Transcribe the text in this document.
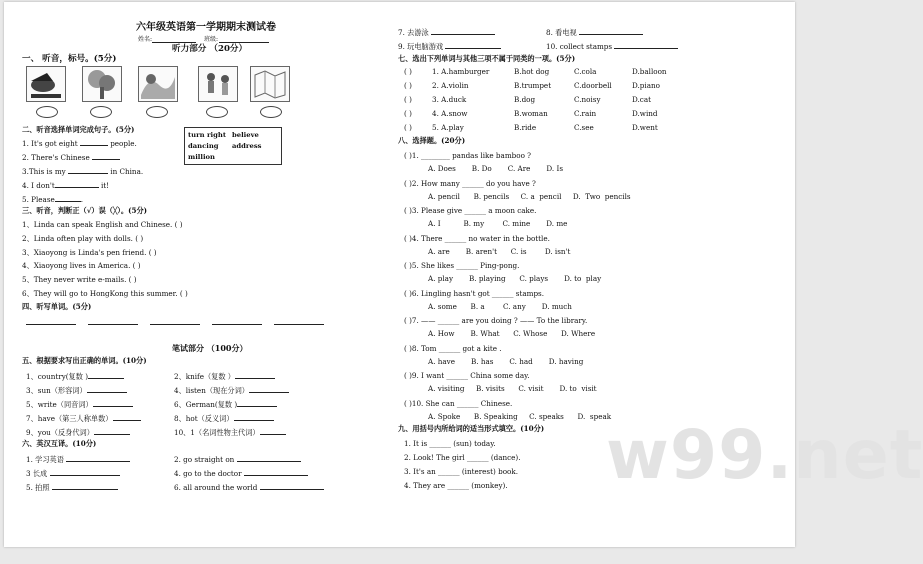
六年级英语第一学期期末测试卷
姓名:	班级:
听力部分 （20分）
一、 听音，标号。(5分)
二、听音选择单词完成句子。(5分)
turn right believe
dancing address
million
1. It's got eight	people.
2. There's Chinese
3.This is my	in China.
4. I don't	it!
5. Please	.
三、听音，判断正（√）误（╳）。(5分)
1、Linda can speak English and Chinese. ( )
2、Linda often play with dolls. ( )
3、Xiaoyong is Linda's pen friend. ( )
4、Xiaoyong lives in America. ( )
5、They never write e-mails. ( )
6、They will go to HongKong this summer. ( )
四、听写单词。(5分)
笔试部分 （100分）
五、根据要求写出正确的单词。(10分)
1、country(复数 )	2、knife（复数 ）
3、sun（形容词）	4、listen（现在分词）
5、write（同音词）	6、German(复数 )
7、have（第三人称单数）	8、hot（反义词）
9、you（反身代词）	10、1（名词性物主代词）
六、英汉互译。(10分)
1. 学习英语	2. go straight on
3 长成	4. go to the doctor
5. 拍照	6. all around the world
7. 去游泳	8. 看电视
9. 玩电脑游戏	10. collect stamps
七、选出下列单词与其他三项不属于同类的一项。(5分)
( )	1. A.hamburger	B.hot dog	C.cola	D.balloon
( )	2. A.violin	B.trumpet	C.doorbell	D.piano
( )	3. A.duck	B.dog	C.noisy	D.cat
( )	4. A.snow	B.woman	C.rain	D.wind
( )	5. A.play	B.ride	C.see	D.went
八、选择题。(20分)
( )1. ________ pandas like bamboo ?
A. Does       B. Do       C. Are       D. Is
( )2. How many ______ do you have ?
A. pencil      B. pencils     C. a  pencil     D.  Two  pencils
( )3. Please give ______ a moon cake.
A. I          B. my        C. mine       D. me
( )4. There ______ no water in the bottle.
A. are       B. aren't      C. is        D. isn't
( )5. She likes ______ Ping-pong.
A. play       B. playing      C. plays       D. to  play
( )6. Lingling hasn't got ______ stamps.
A. some      B. a        C. any       D. much
( )7. —— ______ are you doing ? —— To the library.
A. How       B. What      C. Whose      D. Where
( )8. Tom ______ got a kite .
A. have       B. has       C. had       D. having
( )9. I want ______ China some day.
A. visiting     B. visits      C. visit       D. to  visit
( )10. She can ______ Chinese.
A. Spoke      B. Speaking     C. speaks      D.  speak
九、用括号内所给词的适当形式填空。(10分)
1. It is ______ (sun) today.
2. Look! The girl ______ (dance).
3. It's an ______ (interest) book.
4. They are ______ (monkey). w99.net
